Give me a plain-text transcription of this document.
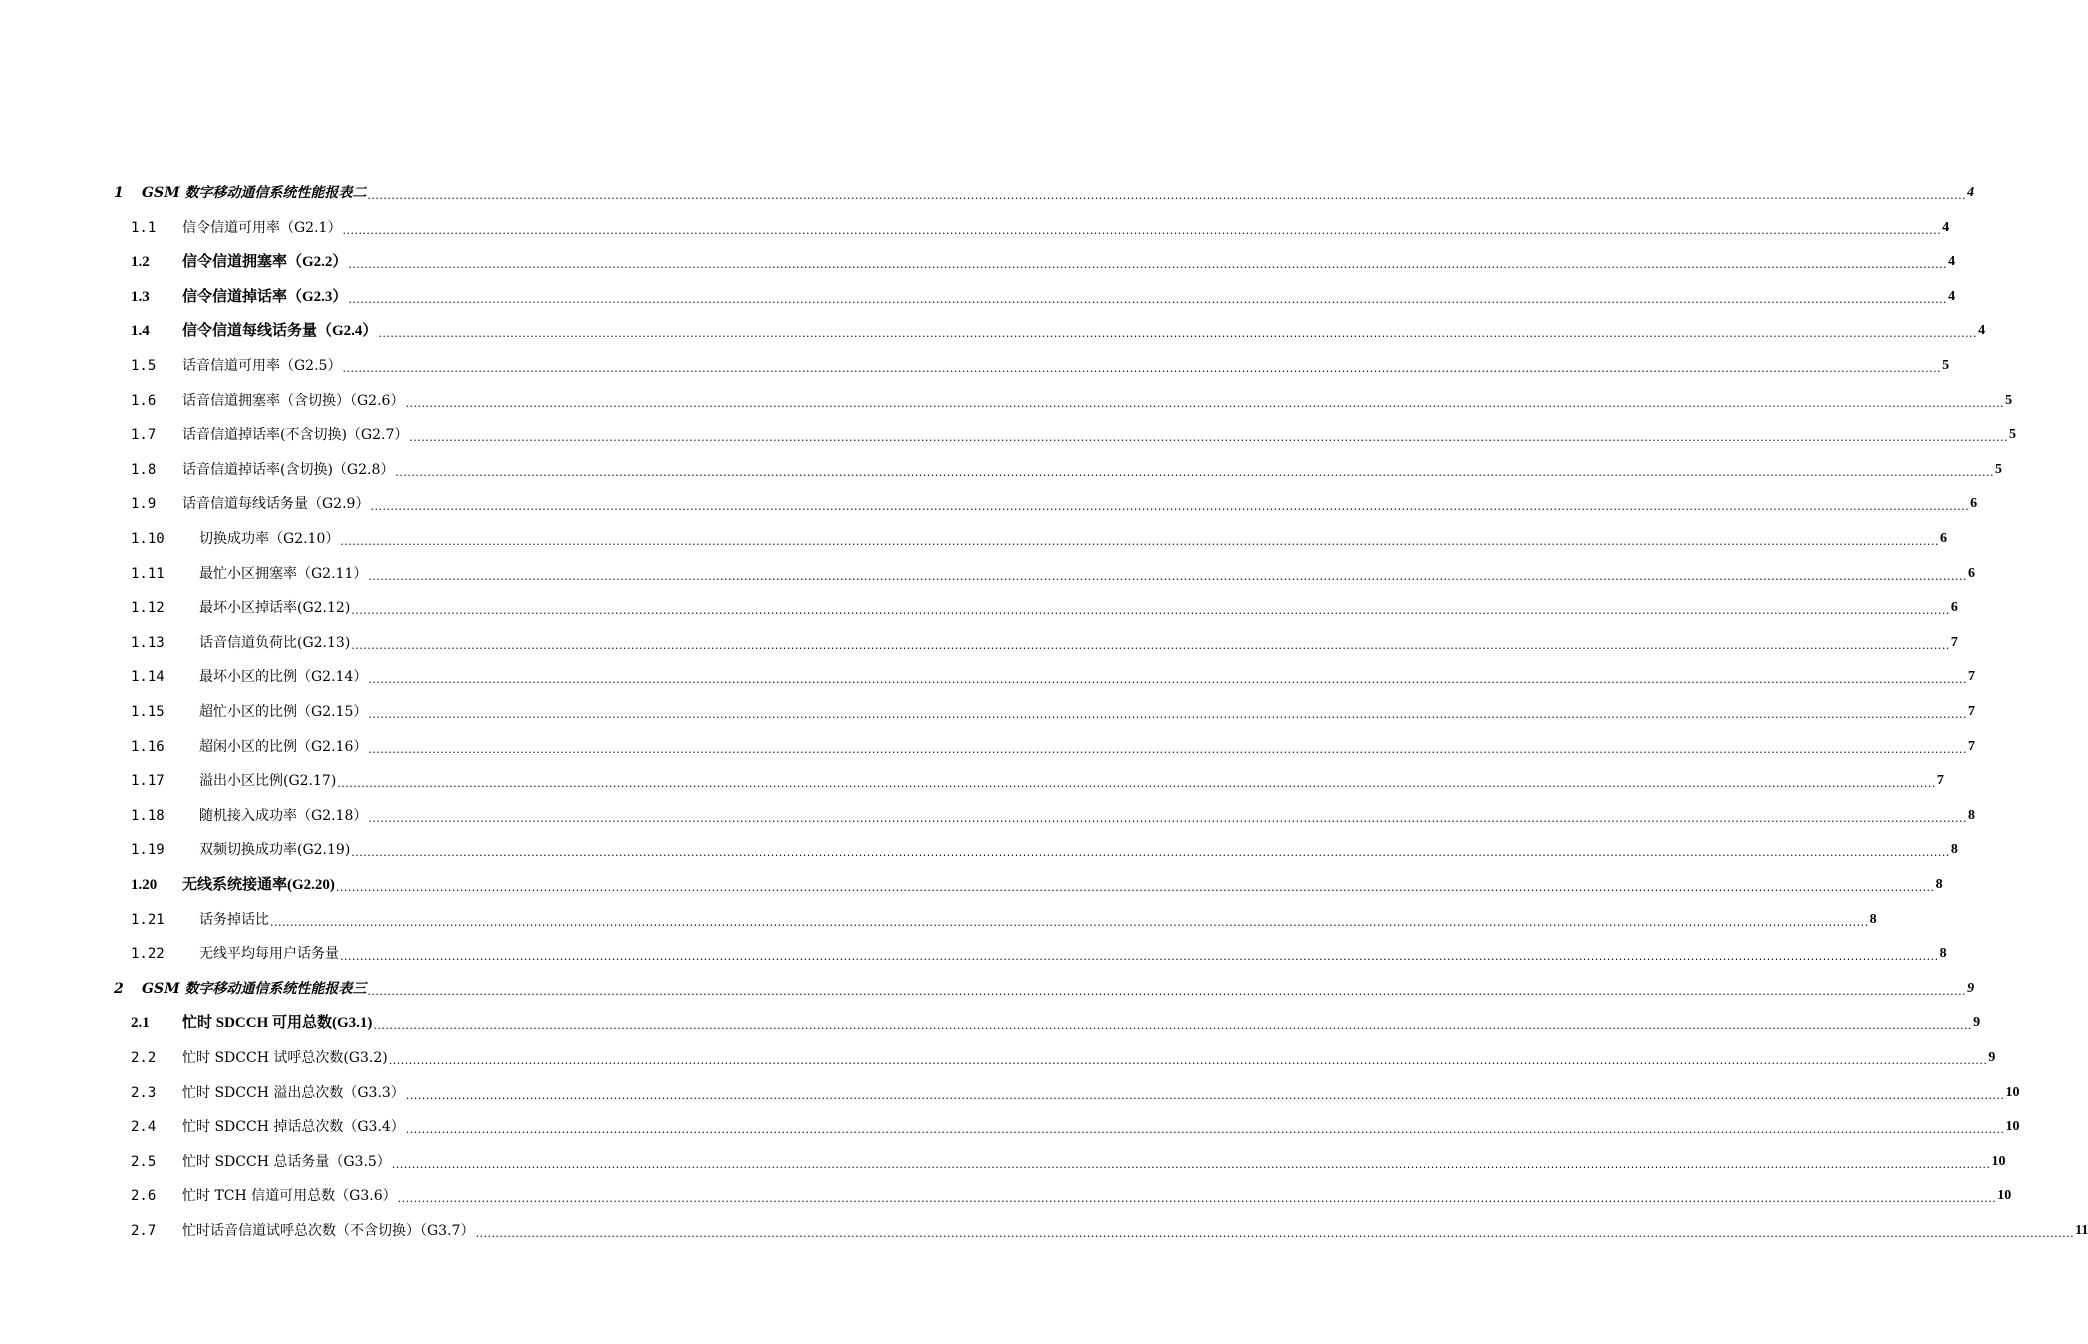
1	GSM 数字移动通信系统性能报表二 ................................................................................................................................................................................................................................................................................................................................................................................................................ 4
1.1	信令信道可用率（G2.1） ................................................................................................................................................................................................................................................................................................................................................................................................................ 4
1.2	信令信道拥塞率（G2.2） ................................................................................................................................................................................................................................................................................................................................................................................................................ 4
1.3	信令信道掉话率（G2.3） ................................................................................................................................................................................................................................................................................................................................................................................................................ 4
1.4	信令信道每线话务量（G2.4） ................................................................................................................................................................................................................................................................................................................................................................................................................ 4
1.5	话音信道可用率（G2.5） ................................................................................................................................................................................................................................................................................................................................................................................................................ 5
1.6	话音信道拥塞率（含切换）（G2.6） ................................................................................................................................................................................................................................................................................................................................................................................................................ 5
1.7	话音信道掉话率(不含切换)（G2.7） ................................................................................................................................................................................................................................................................................................................................................................................................................ 5
1.8	话音信道掉话率(含切换)（G2.8） ................................................................................................................................................................................................................................................................................................................................................................................................................ 5
1.9	话音信道每线话务量（G2.9） ................................................................................................................................................................................................................................................................................................................................................................................................................ 6
1.10	切换成功率（G2.10） ................................................................................................................................................................................................................................................................................................................................................................................................................ 6
1.11	最忙小区拥塞率（G2.11） ................................................................................................................................................................................................................................................................................................................................................................................................................ 6
1.12	最坏小区掉话率(G2.12) ................................................................................................................................................................................................................................................................................................................................................................................................................ 6
1.13	话音信道负荷比(G2.13) ................................................................................................................................................................................................................................................................................................................................................................................................................ 7
1.14	最坏小区的比例（G2.14） ................................................................................................................................................................................................................................................................................................................................................................................................................ 7
1.15	超忙小区的比例（G2.15） ................................................................................................................................................................................................................................................................................................................................................................................................................ 7
1.16	超闲小区的比例（G2.16） ................................................................................................................................................................................................................................................................................................................................................................................................................ 7
1.17	溢出小区比例(G2.17) ................................................................................................................................................................................................................................................................................................................................................................................................................ 7
1.18	随机接入成功率（G2.18） ................................................................................................................................................................................................................................................................................................................................................................................................................ 8
1.19	双频切换成功率(G2.19) ................................................................................................................................................................................................................................................................................................................................................................................................................ 8
1.20	无线系统接通率(G2.20) ................................................................................................................................................................................................................................................................................................................................................................................................................ 8
1.21	话务掉话比 ................................................................................................................................................................................................................................................................................................................................................................................................................ 8
1.22	无线平均每用户话务量 ................................................................................................................................................................................................................................................................................................................................................................................................................ 8
2	GSM 数字移动通信系统性能报表三 ................................................................................................................................................................................................................................................................................................................................................................................................................ 9
2.1	忙时 SDCCH 可用总数(G3.1) ................................................................................................................................................................................................................................................................................................................................................................................................................ 9
2.2	忙时 SDCCH 试呼总次数(G3.2) ................................................................................................................................................................................................................................................................................................................................................................................................................ 9
2.3	忙时 SDCCH 溢出总次数（G3.3） ................................................................................................................................................................................................................................................................................................................................................................................................................ 10
2.4	忙时 SDCCH 掉话总次数（G3.4） ................................................................................................................................................................................................................................................................................................................................................................................................................ 10
2.5	忙时 SDCCH 总话务量（G3.5） ................................................................................................................................................................................................................................................................................................................................................................................................................ 10
2.6	忙时 TCH 信道可用总数（G3.6） ................................................................................................................................................................................................................................................................................................................................................................................................................ 10
2.7	忙时话音信道试呼总次数（不含切换）（G3.7） ................................................................................................................................................................................................................................................................................................................................................................................................................ 11
